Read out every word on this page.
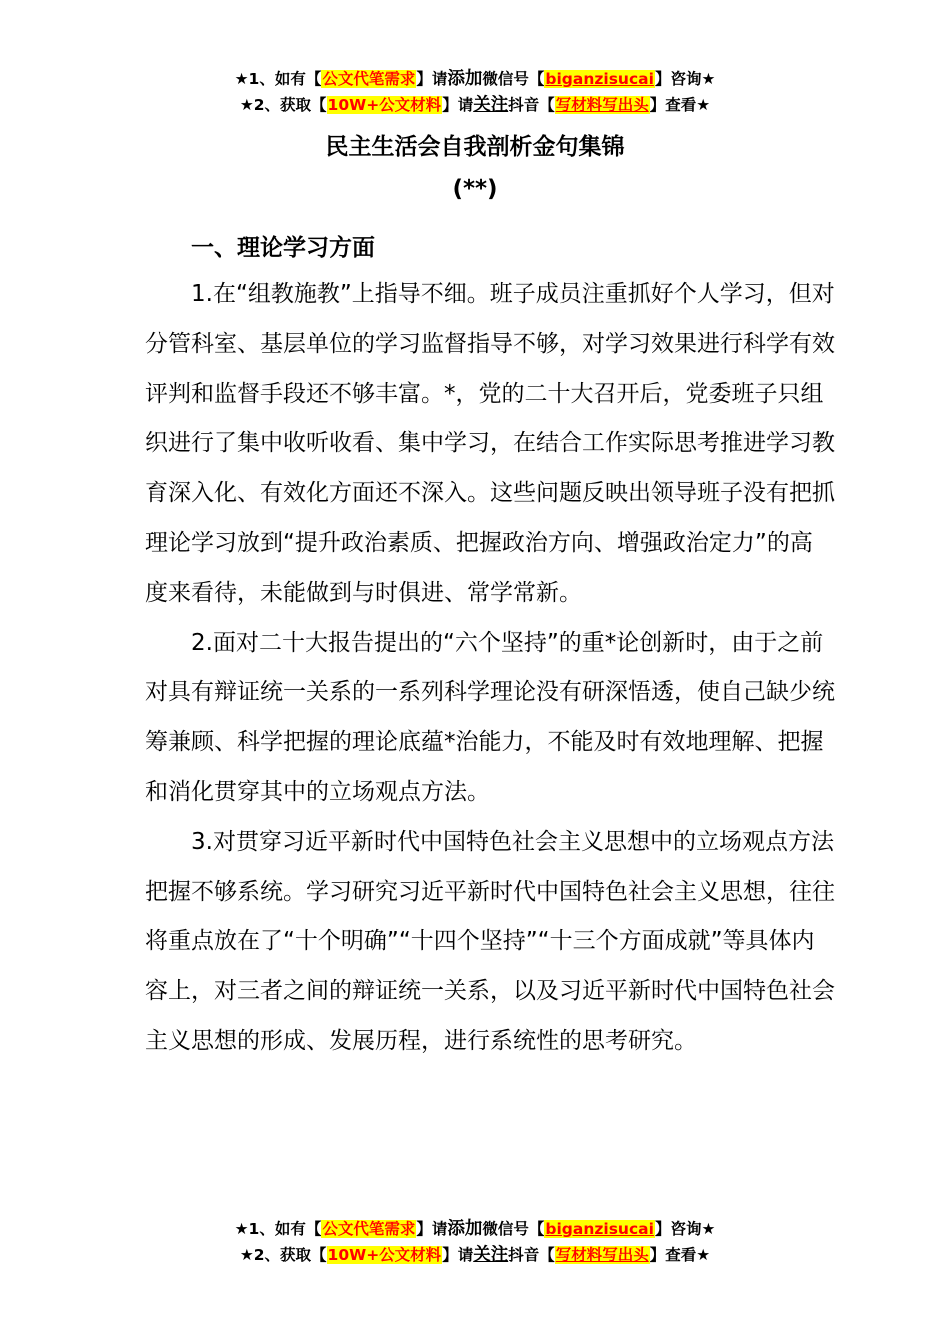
★1、如有【公文代笔需求】请添加微信号【biganzisucai】咨询★
★2、获取【10W+公文材料】请关注抖音【写材料写出头】查看★
民主生活会自我剖析金句集锦
(**)

一、理论学习方面

1.在“组教施教”上指导不细。班子成员注重抓好个人学习，但对分管科室、基层单位的学习监督指导不够，对学习效果进行科学有效评判和监督手段还不够丰富。*，党的二十大召开后，党委班子只组织进行了集中收听收看、集中学习，在结合工作实际思考推进学习教育深入化、有效化方面还不深入。这些问题反映出领导班子没有把抓理论学习放到“提升政治素质、把握政治方向、增强政治定力”的高度来看待，未能做到与时俱进、常学常新。

2.面对二十大报告提出的“六个坚持”的重*论创新时，由于之前对具有辩证统一关系的一系列科学理论没有研深悟透，使自己缺少统筹兼顾、科学把握的理论底蕴*治能力，不能及时有效地理解、把握和消化贯穿其中的立场观点方法。

3.对贯穿习近平新时代中国特色社会主义思想中的立场观点方法把握不够系统。学习研究习近平新时代中国特色社会主义思想，往往将重点放在了“十个明确”“十四个坚持”“十三个方面成就”等具体内容上，对三者之间的辩证统一关系，以及习近平新时代中国特色社会主义思想的形成、发展历程，进行系统性的思考研究。

★1、如有【公文代笔需求】请添加微信号【biganzisucai】咨询★
★2、获取【10W+公文材料】请关注抖音【写材料写出头】查看★
